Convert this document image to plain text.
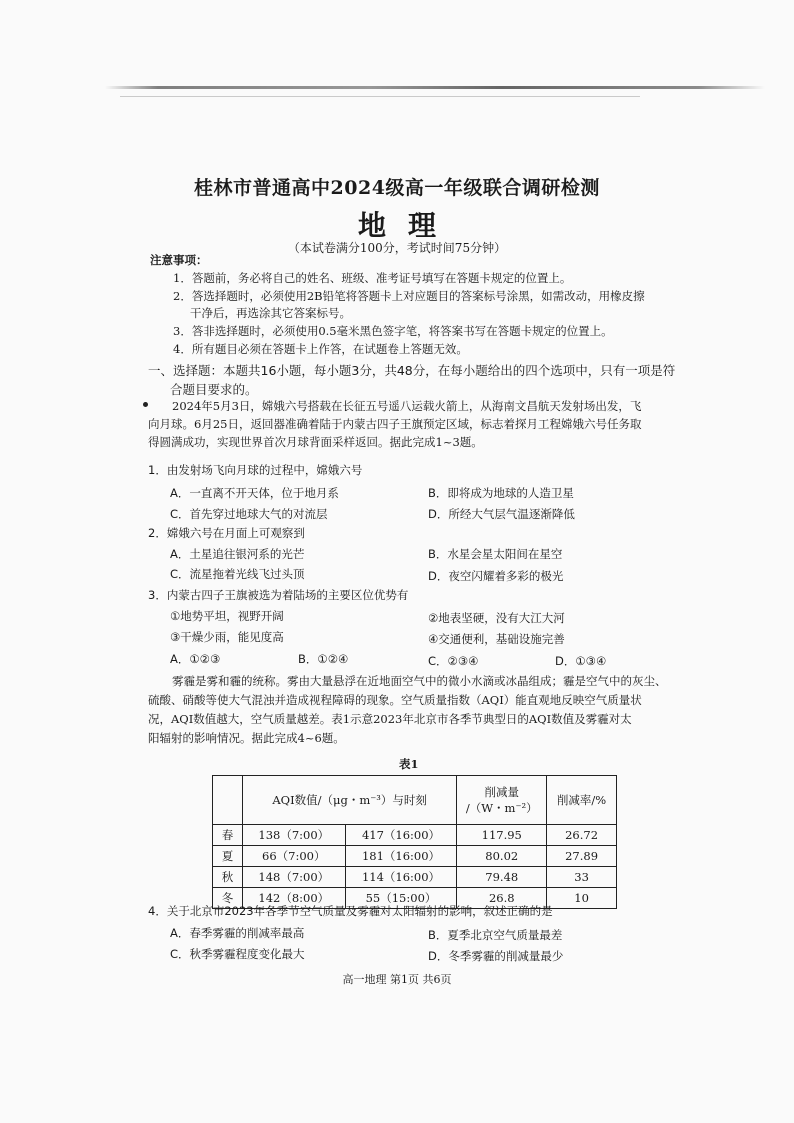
桂林市普通高中2024级高一年级联合调研检测
地理
（本试卷满分100分，考试时间75分钟）
注意事项：
1．答题前，务必将自己的姓名、班级、准考证号填写在答题卡规定的位置上。
2．答选择题时，必须使用2B铅笔将答题卡上对应题目的答案标号涂黑，如需改动，用橡皮擦
干净后，再选涂其它答案标号。
3．答非选择题时，必须使用0.5毫米黑色签字笔，将答案书写在答题卡规定的位置上。
4．所有题目必须在答题卡上作答，在试题卷上答题无效。
一、选择题：本题共16小题，每小题3分，共48分，在每小题给出的四个选项中，只有一项是符
合题目要求的。
2024年5月3日，嫦娥六号搭载在长征五号遥八运载火箭上，从海南文昌航天发射场出发，飞
向月球。6月25日，返回器准确着陆于内蒙古四子王旗预定区域，标志着探月工程嫦娥六号任务取
得圆满成功，实现世界首次月球背面采样返回。据此完成1~3题。
1．由发射场飞向月球的过程中，嫦娥六号
A．一直离不开天体，位于地月系	B．即将成为地球的人造卫星
C．首先穿过地球大气的对流层	D．所经大气层气温逐渐降低
2．嫦娥六号在月面上可观察到
A．土星追往银河系的光芒	B．水星会星太阳间在星空
C．流星拖着光线飞过头顶	D．夜空闪耀着多彩的极光
3．内蒙古四子王旗被选为着陆场的主要区位优势有
①地势平坦，视野开阔	②地表坚硬，没有大江大河
③干燥少雨，能见度高	④交通便利，基础设施完善
A．①②③	B．①②④	C．②③④	D．①③④
雾霾是雾和霾的统称。雾由大量悬浮在近地面空气中的微小水滴或冰晶组成；霾是空气中的灰尘、
硫酸、硝酸等使大气混浊并造成视程障碍的现象。空气质量指数（AQI）能直观地反映空气质量状
况，AQI数值越大，空气质量越差。表1示意2023年北京市各季节典型日的AQI数值及雾霾对太
阳辐射的影响情况。据此完成4~6题。
表1
	AQI数值/（μg・m⁻³）与时刻		削减量
/（W・m⁻²）	削减率/%
春	138（7:00）	417（16:00）	117.95	26.72
夏	66（7:00）	181（16:00）	80.02	27.89
秋	148（7:00）	114（16:00）	79.48	33
冬	142（8:00）	55（15:00）	26.8	10
4．关于北京市2023年各季节空气质量及雾霾对太阳辐射的影响，叙述正确的是
A．春季雾霾的削减率最高	B．夏季北京空气质量最差
C．秋季雾霾程度变化最大	D．冬季雾霾的削减量最少
高一地理 第1页 共6页
